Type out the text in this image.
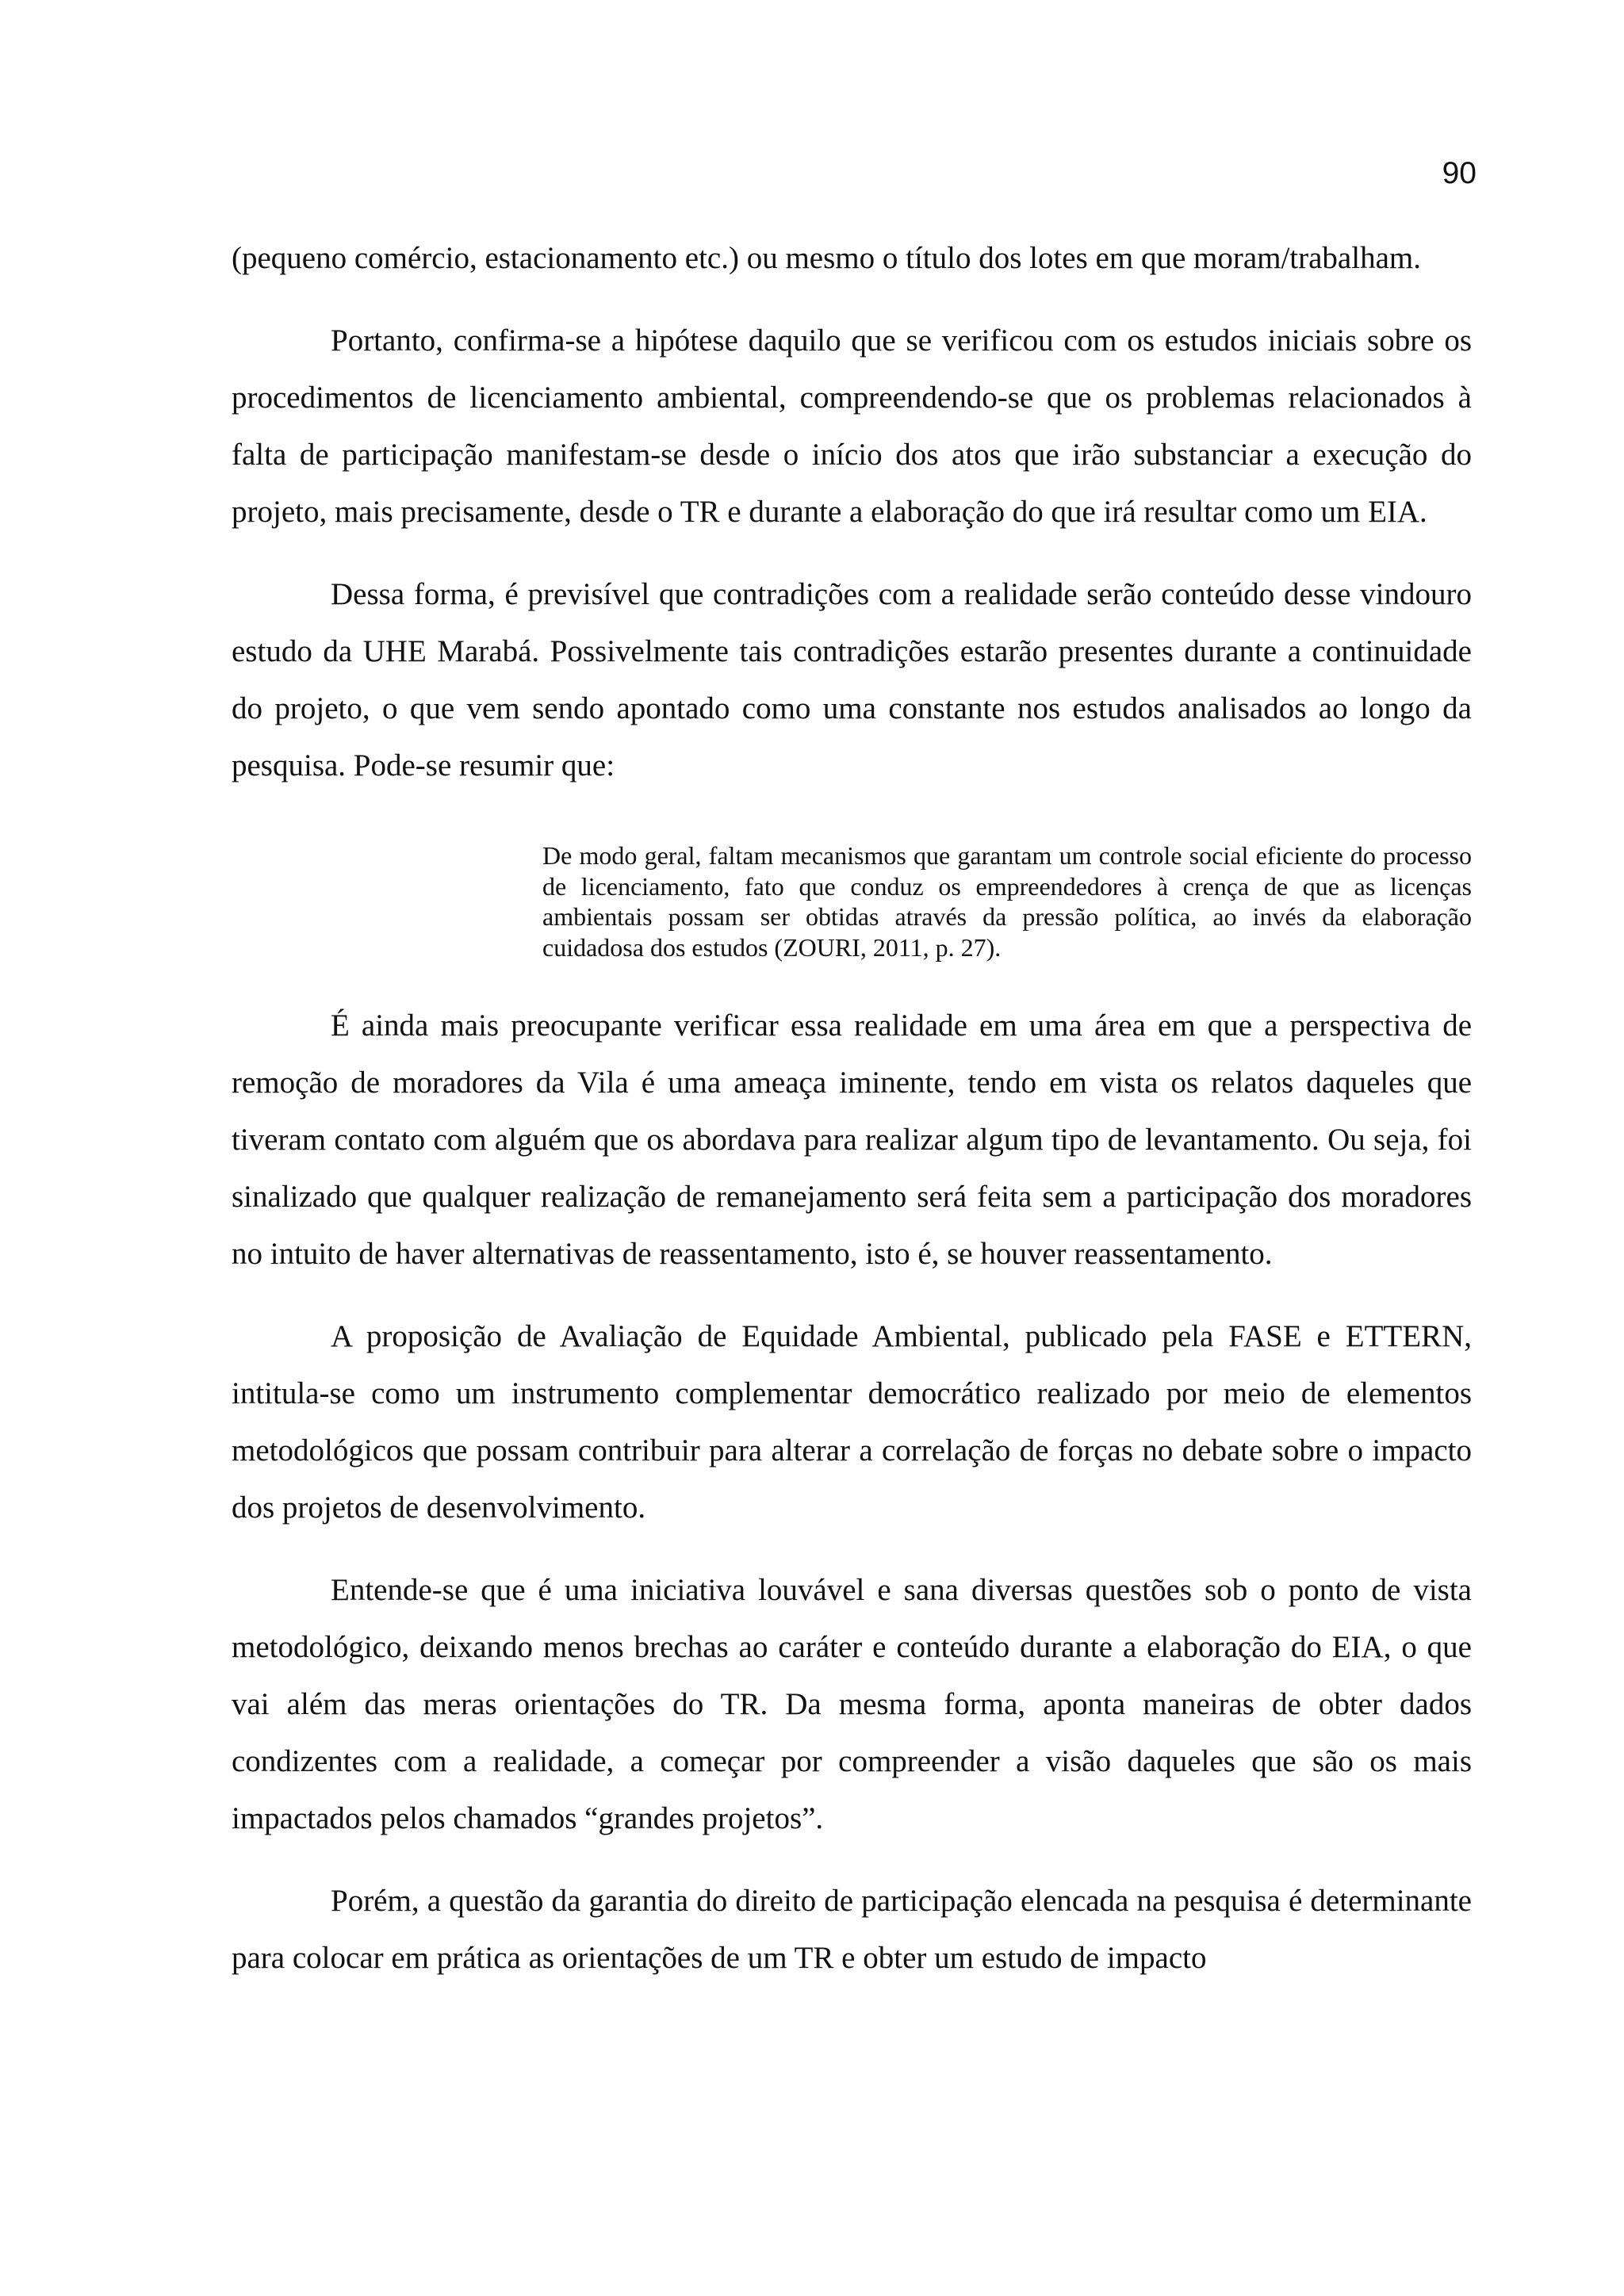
90

(pequeno comércio, estacionamento etc.) ou mesmo o título dos lotes em que moram/trabalham.

Portanto, confirma-se a hipótese daquilo que se verificou com os estudos iniciais sobre os procedimentos de licenciamento ambiental, compreendendo-se que os problemas relacionados à falta de participação manifestam-se desde o início dos atos que irão substanciar a execução do projeto, mais precisamente, desde o TR e durante a elaboração do que irá resultar como um EIA.

Dessa forma, é previsível que contradições com a realidade serão conteúdo desse vindouro estudo da UHE Marabá. Possivelmente tais contradições estarão presentes durante a continuidade do projeto, o que vem sendo apontado como uma constante nos estudos analisados ao longo da pesquisa. Pode-se resumir que:

De modo geral, faltam mecanismos que garantam um controle social eficiente do processo de licenciamento, fato que conduz os empreendedores à crença de que as licenças ambientais possam ser obtidas através da pressão política, ao invés da elaboração cuidadosa dos estudos (ZOURI, 2011, p. 27).

É ainda mais preocupante verificar essa realidade em uma área em que a perspectiva de remoção de moradores da Vila é uma ameaça iminente, tendo em vista os relatos daqueles que tiveram contato com alguém que os abordava para realizar algum tipo de levantamento. Ou seja, foi sinalizado que qualquer realização de remanejamento será feita sem a participação dos moradores no intuito de haver alternativas de reassentamento, isto é, se houver reassentamento.

A proposição de Avaliação de Equidade Ambiental, publicado pela FASE e ETTERN, intitula-se como um instrumento complementar democrático realizado por meio de elementos metodológicos que possam contribuir para alterar a correlação de forças no debate sobre o impacto dos projetos de desenvolvimento.

Entende-se que é uma iniciativa louvável e sana diversas questões sob o ponto de vista metodológico, deixando menos brechas ao caráter e conteúdo durante a elaboração do EIA, o que vai além das meras orientações do TR. Da mesma forma, aponta maneiras de obter dados condizentes com a realidade, a começar por compreender a visão daqueles que são os mais impactados pelos chamados “grandes projetos”.

Porém, a questão da garantia do direito de participação elencada na pesquisa é determinante para colocar em prática as orientações de um TR e obter um estudo de impacto
